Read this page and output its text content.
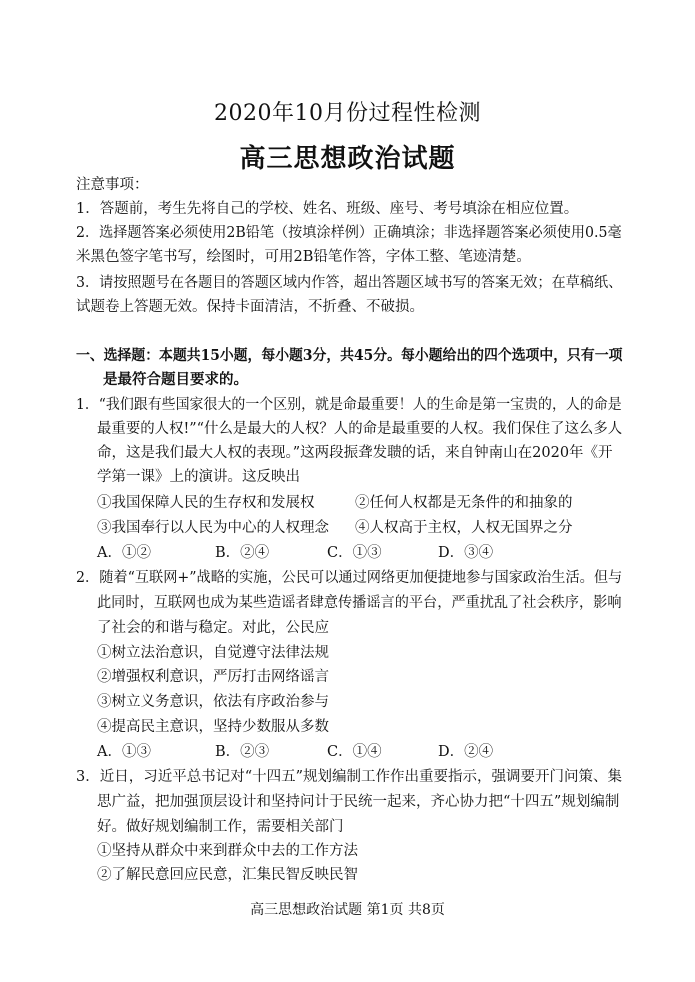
2020年10月份过程性检测
高三思想政治试题
注意事项：
1．答题前，考生先将自己的学校、姓名、班级、座号、考号填涂在相应位置。
2．选择题答案必须使用2B铅笔（按填涂样例）正确填涂；非选择题答案必须使用0.5毫
米黑色签字笔书写，绘图时，可用2B铅笔作答，字体工整、笔迹清楚。
3．请按照题号在各题目的答题区域内作答，超出答题区域书写的答案无效；在草稿纸、
试题卷上答题无效。保持卡面清洁，不折叠、不破损。
一、选择题：本题共15小题，每小题3分，共45分。每小题给出的四个选项中，只有一项
是最符合题目要求的。
1．“我们跟有些国家很大的一个区别，就是命最重要！人的生命是第一宝贵的，人的命是
最重要的人权!”“什么是最大的人权？人的命是最重要的人权。我们保住了这么多人
命，这是我们最大人权的表现。”这两段振聋发聩的话，来自钟南山在2020年《开
学第一课》上的演讲。这反映出
①我国保障人民的生存权和发展权	②任何人权都是无条件的和抽象的
③我国奉行以人民为中心的人权理念 ④人权高于主权，人权无国界之分
A．①②	B．②④	C．①③	D．③④
2．随着“互联网+”战略的实施，公民可以通过网络更加便捷地参与国家政治生活。但与
此同时，互联网也成为某些造谣者肆意传播谣言的平台，严重扰乱了社会秩序，影响
了社会的和谐与稳定。对此，公民应
①树立法治意识，自觉遵守法律法规
②增强权利意识，严厉打击网络谣言
③树立义务意识，依法有序政治参与
④提高民主意识，坚持少数服从多数
A．①③	B．②③	C．①④	D．②④
3．近日，习近平总书记对“十四五”规划编制工作作出重要指示，强调要开门问策、集
思广益，把加强顶层设计和坚持问计于民统一起来，齐心协力把“十四五”规划编制
好。做好规划编制工作，需要相关部门
①坚持从群众中来到群众中去的工作方法
②了解民意回应民意，汇集民智反映民智
高三思想政治试题 第1页 共8页
